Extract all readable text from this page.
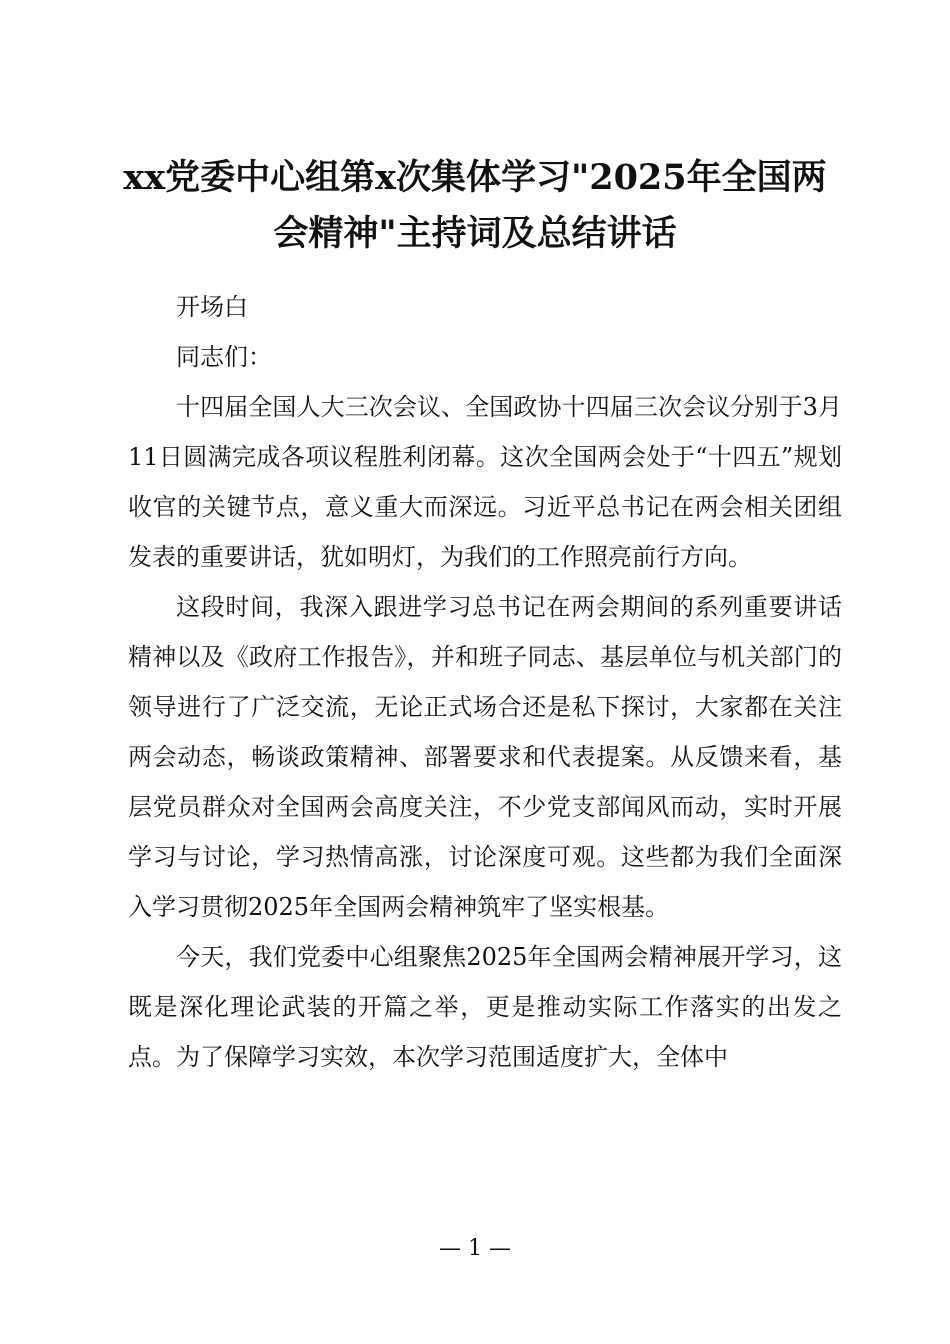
xx党委中心组第x次集体学习"2025年全国两会精神"主持词及总结讲话

开场白

同志们：

十四届全国人大三次会议、全国政协十四届三次会议分别于3月11日圆满完成各项议程胜利闭幕。这次全国两会处于“十四五”规划收官的关键节点，意义重大而深远。习近平总书记在两会相关团组发表的重要讲话，犹如明灯，为我们的工作照亮前行方向。

这段时间，我深入跟进学习总书记在两会期间的系列重要讲话精神以及《政府工作报告》，并和班子同志、基层单位与机关部门的领导进行了广泛交流，无论正式场合还是私下探讨，大家都在关注两会动态，畅谈政策精神、部署要求和代表提案。从反馈来看，基层党员群众对全国两会高度关注，不少党支部闻风而动，实时开展学习与讨论，学习热情高涨，讨论深度可观。这些都为我们全面深入学习贯彻2025年全国两会精神筑牢了坚实根基。

今天，我们党委中心组聚焦2025年全国两会精神展开学习，这既是深化理论武装的开篇之举，更是推动实际工作落实的出发之点。为了保障学习实效，本次学习范围适度扩大，全体中

— 1 —
